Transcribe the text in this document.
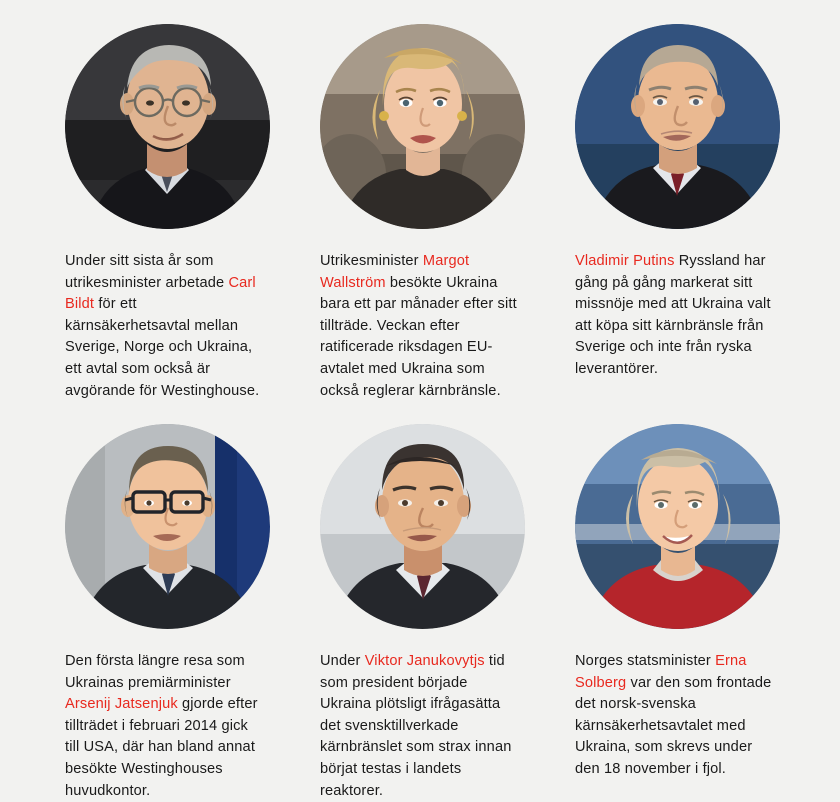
Under sitt sista år som utrikesminister arbetade Carl Bildt för ett kärnsäkerhetsavtal mellan Sverige, Norge och Ukraina, ett avtal som också är avgörande för Westinghouse.
Utrikesminister Margot Wallström besökte Ukraina bara ett par månader efter sitt tillträde. Veckan efter ratificerade riksdagen EU-avtalet med Ukraina som också reglerar kärnbränsle.
Vladimir Putins Ryssland har gång på gång markerat sitt missnöje med att Ukraina valt att köpa sitt kärnbränsle från Sverige och inte från ryska leverantörer.
Den första längre resa som Ukrainas premiärminister Arsenij Jatsenjuk gjorde efter tillträdet i februari 2014 gick till USA, där han bland annat besökte Westinghouses huvudkontor.
Under Viktor Janukovytjs tid som president började Ukraina plötsligt ifrågasätta det svensktillverkade kärnbränslet som strax innan börjat testas i landets reaktorer.
Norges statsminister Erna Solberg var den som frontade det norsk-svenska kärnsäkerhetsavtalet med Ukraina, som skrevs under den 18 november i fjol.
